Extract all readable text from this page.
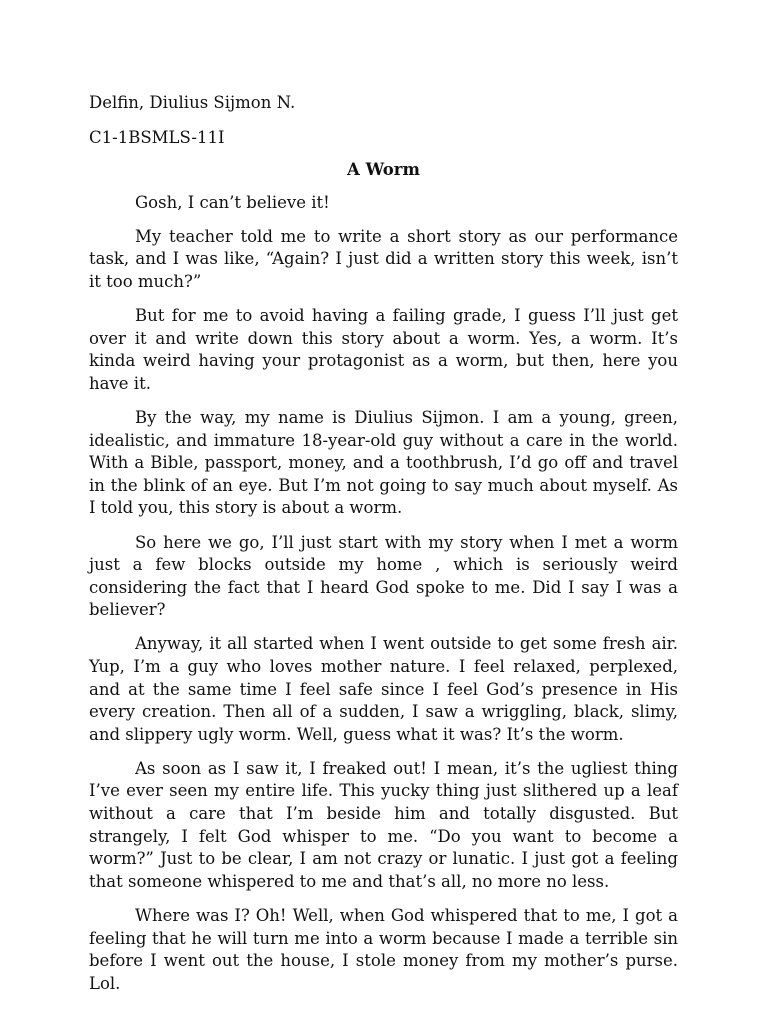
Delfin, Diulius Sijmon N.

C1-1BSMLS-11I

A Worm

Gosh, I can’t believe it!

My teacher told me to write a short story as our performance task, and I was like, “Again? I just did a written story this week, isn’t it too much?”

But for me to avoid having a failing grade, I guess I’ll just get over it and write down this story about a worm. Yes, a worm. It’s kinda weird having your protagonist as a worm, but then, here you have it.

By the way, my name is Diulius Sijmon. I am a young, green, idealistic, and immature 18-year-old guy without a care in the world. With a Bible, passport, money, and a toothbrush, I’d go off and travel in the blink of an eye. But I’m not going to say much about myself. As I told you, this story is about a worm.

So here we go, I’ll just start with my story when I met a worm just a few blocks outside my home , which is seriously weird considering the fact that I heard God spoke to me. Did I say I was a believer?

Anyway, it all started when I went outside to get some fresh air. Yup, I’m a guy who loves mother nature. I feel relaxed, perplexed, and at the same time I feel safe since I feel God’s presence in His every creation. Then all of a sudden, I saw a wriggling, black, slimy, and slippery ugly worm. Well, guess what it was? It’s the worm.

As soon as I saw it, I freaked out! I mean, it’s the ugliest thing I’ve ever seen my entire life. This yucky thing just slithered up a leaf without a care that I’m beside him and totally disgusted. But strangely, I felt God whisper to me. “Do you want to become a worm?” Just to be clear, I am not crazy or lunatic. I just got a feeling that someone whispered to me and that’s all, no more no less.

Where was I? Oh! Well, when God whispered that to me, I got a feeling that he will turn me into a worm because I made a terrible sin before I went out the house, I stole money from my mother’s purse. Lol.
